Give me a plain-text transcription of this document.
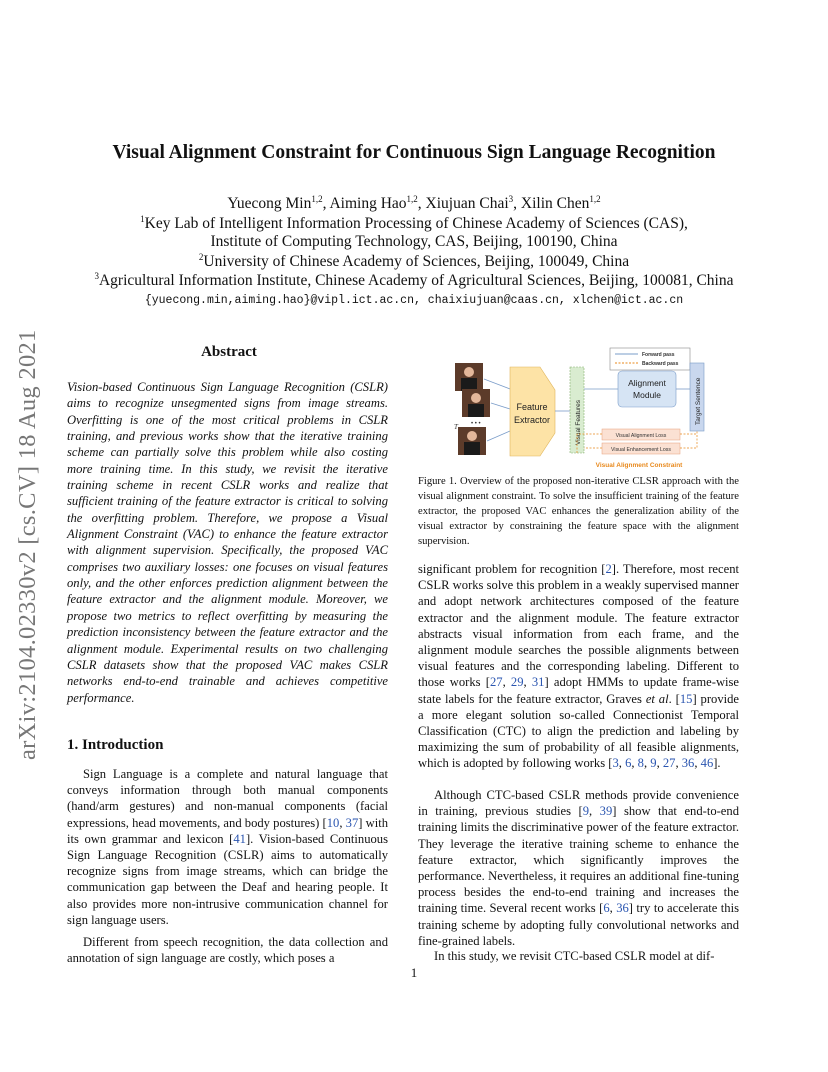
arXiv:2104.02330v2 [cs.CV] 18 Aug 2021
Visual Alignment Constraint for Continuous Sign Language Recognition
Yuecong Min$^{1,2}$, Aiming Hao$^{1,2}$, Xiujuan Chai$^3$, Xilin Chen$^{1,2}$
$^1$Key Lab of Intelligent Information Processing of Chinese Academy of Sciences (CAS),
Institute of Computing Technology, CAS, Beijing, 100190, China
$^2$University of Chinese Academy of Sciences, Beijing, 100049, China
$^3$Agricultural Information Institute, Chinese Academy of Agricultural Sciences, Beijing, 100081, China
{yuecong.min,aiming.hao}@vipl.ict.ac.cn, chaixiujuan@caas.cn, xlchen@ict.ac.cn
Abstract
Vision-based Continuous Sign Language Recognition (CSLR) aims to recognize unsegmented signs from image streams. Overfitting is one of the most critical problems in CSLR training, and previous works show that the iterative training scheme can partially solve this problem while also costing more training time. In this study, we revisit the iterative training scheme in recent CSLR works and realize that sufficient training of the feature extractor is critical to solving the overfitting problem. Therefore, we propose a Visual Alignment Constraint (VAC) to enhance the feature extractor with alignment supervision. Specifically, the proposed VAC comprises two auxiliary losses: one focuses on visual features only, and the other enforces prediction alignment between the feature extractor and the alignment module. Moreover, we propose two metrics to reflect overfitting by measuring the prediction inconsistency between the feature extractor and the alignment module. Experimental results on two challenging CSLR datasets show that the proposed VAC makes CSLR networks end-to-end trainable and achieves competitive performance.
1. Introduction
Sign Language is a complete and natural language that conveys information through both manual components (hand/arm gestures) and non-manual components (facial expressions, head movements, and body postures) [10, 37] with its own grammar and lexicon [41]. Vision-based Continuous Sign Language Recognition (CSLR) aims to automatically recognize signs from image streams, which can bridge the communication gap between the Deaf and hearing people. It also provides more non-intrusive communication channel for sign language users.
Different from speech recognition, the data collection and annotation of sign language are costly, which poses a
Forward pass
Backward pass
T • • •
Feature
Extractor	Visual Features
Alignment
Module	Target Sentence
Visual Alignment Loss
Visual Enhancement Loss
Visual Alignment Constraint
Figure 1. Overview of the proposed non-iterative CLSR approach with the visual alignment constraint. To solve the insufficient training of the feature extractor, the proposed VAC enhances the generalization ability of the visual extractor by constraining the feature space with the alignment supervision.
significant problem for recognition [2]. Therefore, most recent CSLR works solve this problem in a weakly supervised manner and adopt network architectures composed of the feature extractor and the alignment module. The feature extractor abstracts visual information from each frame, and the alignment module searches the possible alignments between visual features and the corresponding labeling. Different to those works [27, 29, 31] adopt HMMs to update frame-wise state labels for the feature extractor, Graves et al. [15] provide a more elegant solution so-called Connectionist Temporal Classification (CTC) to align the prediction and labeling by maximizing the sum of probability of all feasible alignments, which is adopted by following works [3, 6, 8, 9, 27, 36, 46].
Although CTC-based CSLR methods provide convenience in training, previous studies [9, 39] show that end-to-end training limits the discriminative power of the feature extractor. They leverage the iterative training scheme to enhance the feature extractor, which significantly improves the performance. Nevertheless, it requires an additional fine-tuning process besides the end-to-end training and increases the training time. Several recent works [6, 36] try to accelerate this training scheme by adopting fully convolutional networks and fine-grained labels.
In this study, we revisit CTC-based CSLR model at dif-
1
